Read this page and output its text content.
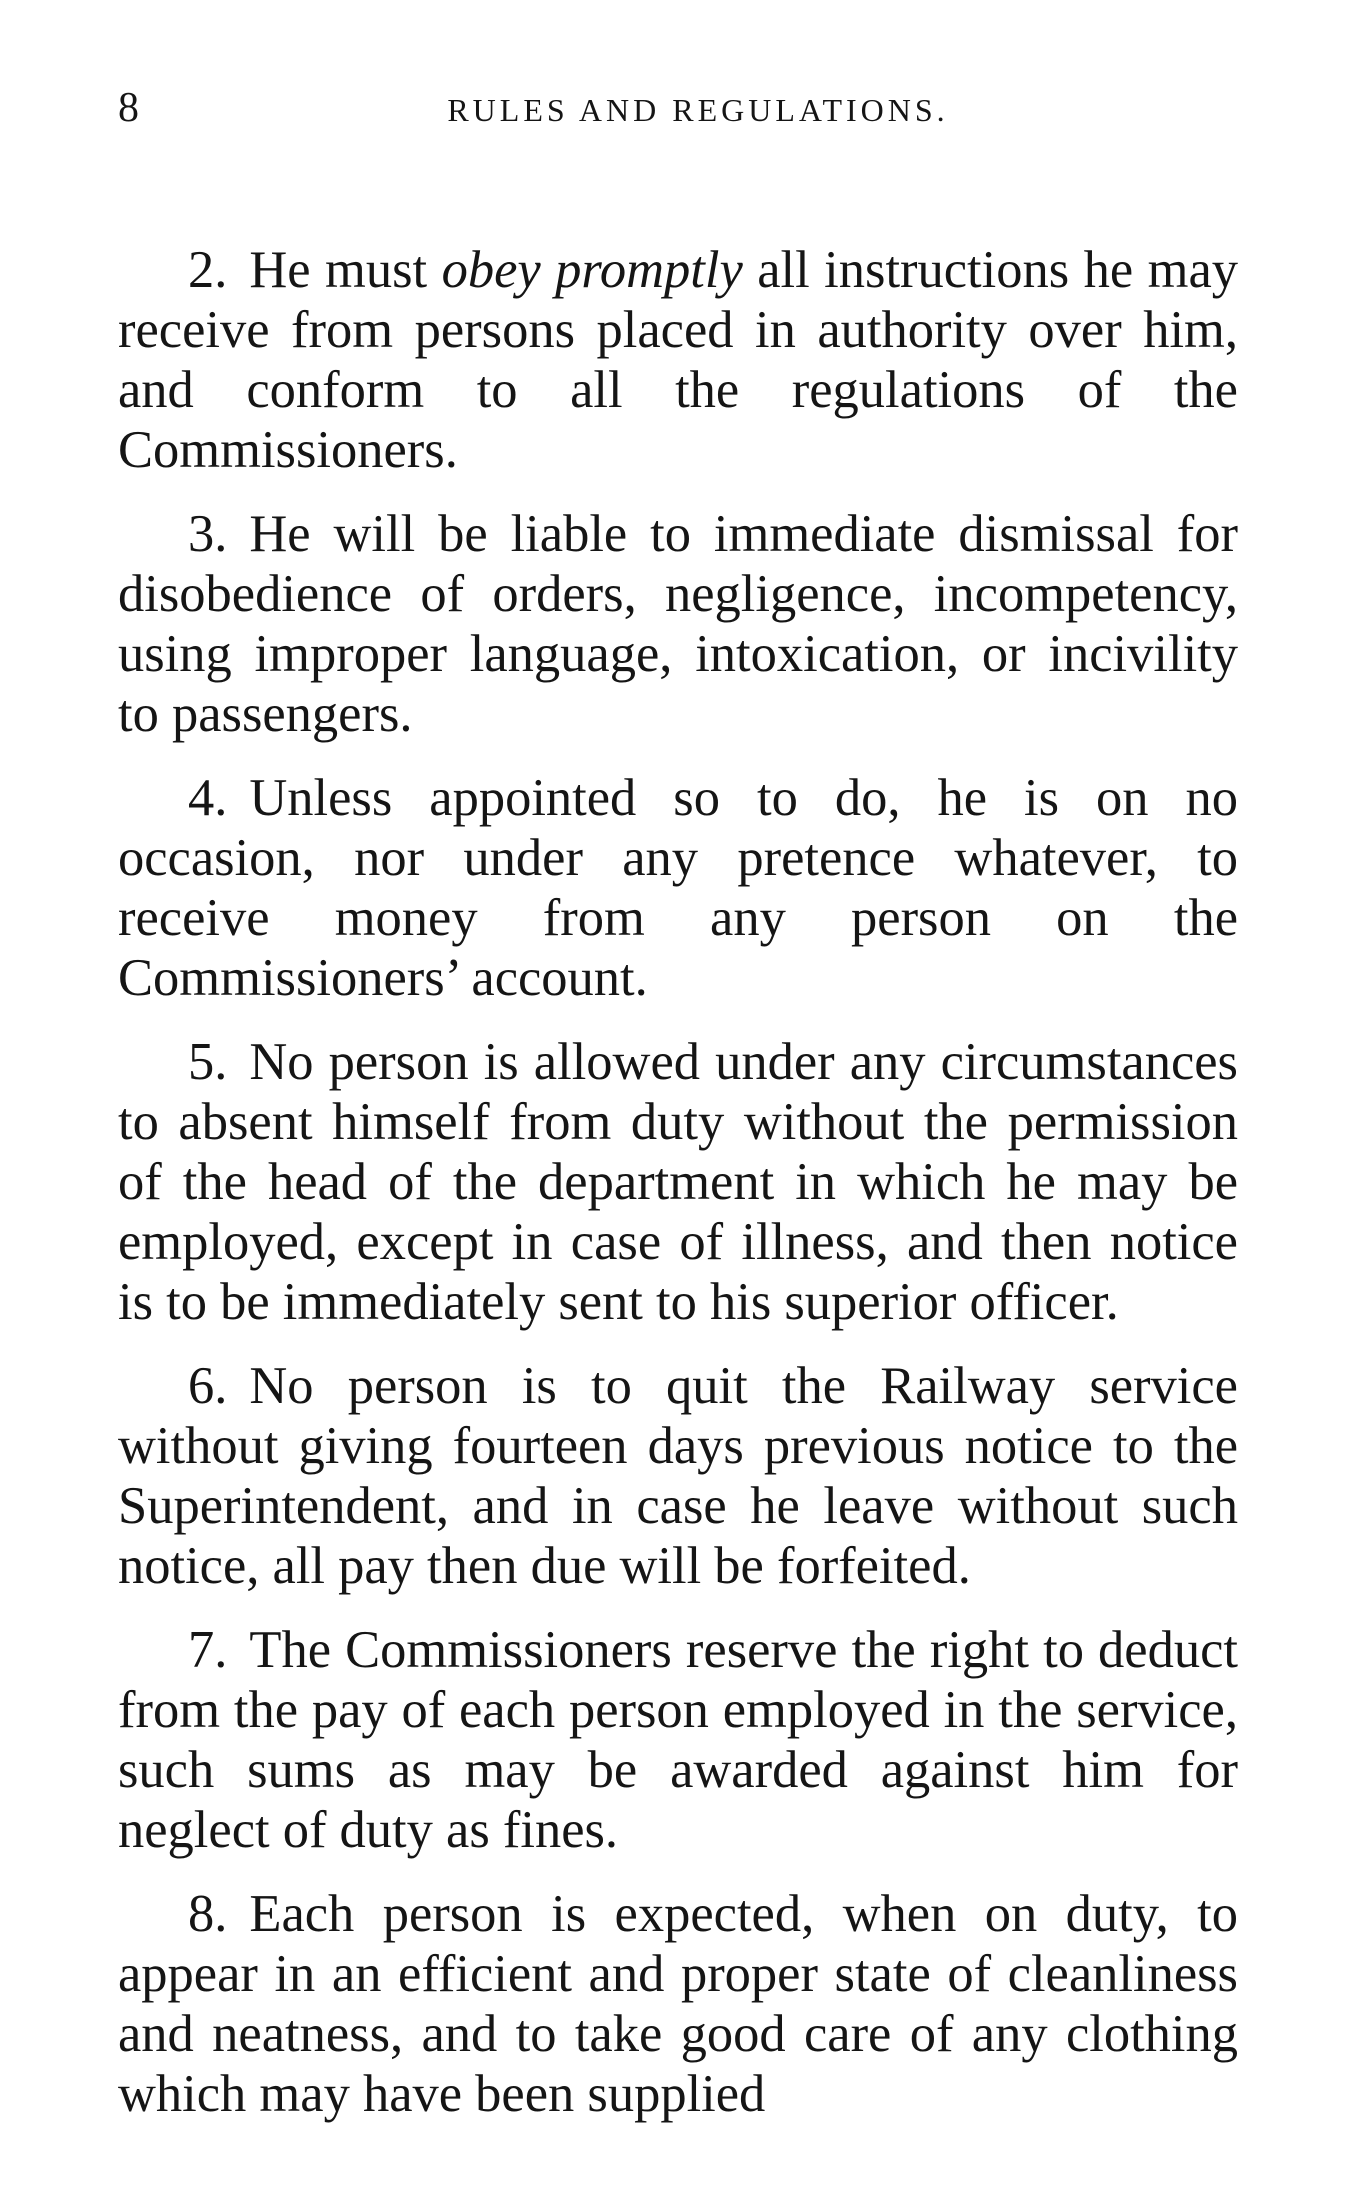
8	RULES AND REGULATIONS.

2. He must obey promptly all instructions he may receive from persons placed in authority over him, and conform to all the regulations of the Commissioners.

3. He will be liable to immediate dismissal for disobedience of orders, negligence, incompetency, using improper language, intoxication, or incivility to passengers.

4. Unless appointed so to do, he is on no occasion, nor under any pretence whatever, to receive money from any person on the Commissioners’ account.

5. No person is allowed under any circumstances to absent himself from duty without the permission of the head of the department in which he may be employed, except in case of illness, and then notice is to be immediately sent to his superior officer.

6. No person is to quit the Railway service without giving fourteen days previous notice to the Superintendent, and in case he leave without such notice, all pay then due will be forfeited.

7. The Commissioners reserve the right to deduct from the pay of each person employed in the service, such sums as may be awarded against him for neglect of duty as fines.

8. Each person is expected, when on duty, to appear in an efficient and proper state of cleanliness and neatness, and to take good care of any clothing which may have been supplied
